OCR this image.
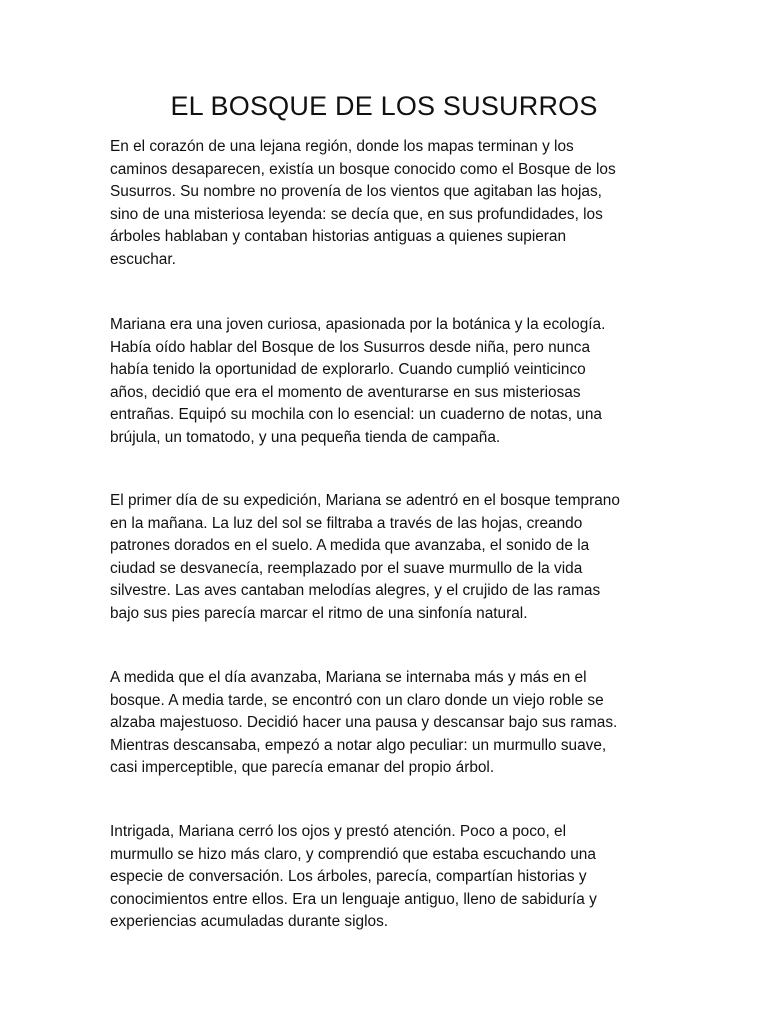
EL BOSQUE DE LOS SUSURROS

En el corazón de una lejana región, donde los mapas terminan y los
caminos desaparecen, existía un bosque conocido como el Bosque de los
Susurros. Su nombre no provenía de los vientos que agitaban las hojas,
sino de una misteriosa leyenda: se decía que, en sus profundidades, los
árboles hablaban y contaban historias antiguas a quienes supieran
escuchar.

Mariana era una joven curiosa, apasionada por la botánica y la ecología.
Había oído hablar del Bosque de los Susurros desde niña, pero nunca
había tenido la oportunidad de explorarlo. Cuando cumplió veinticinco
años, decidió que era el momento de aventurarse en sus misteriosas
entrañas. Equipó su mochila con lo esencial: un cuaderno de notas, una
brújula, un tomatodo, y una pequeña tienda de campaña.

El primer día de su expedición, Mariana se adentró en el bosque temprano
en la mañana. La luz del sol se filtraba a través de las hojas, creando
patrones dorados en el suelo. A medida que avanzaba, el sonido de la
ciudad se desvanecía, reemplazado por el suave murmullo de la vida
silvestre. Las aves cantaban melodías alegres, y el crujido de las ramas
bajo sus pies parecía marcar el ritmo de una sinfonía natural.

A medida que el día avanzaba, Mariana se internaba más y más en el
bosque. A media tarde, se encontró con un claro donde un viejo roble se
alzaba majestuoso. Decidió hacer una pausa y descansar bajo sus ramas.
Mientras descansaba, empezó a notar algo peculiar: un murmullo suave,
casi imperceptible, que parecía emanar del propio árbol.

Intrigada, Mariana cerró los ojos y prestó atención. Poco a poco, el
murmullo se hizo más claro, y comprendió que estaba escuchando una
especie de conversación. Los árboles, parecía, compartían historias y
conocimientos entre ellos. Era un lenguaje antiguo, lleno de sabiduría y
experiencias acumuladas durante siglos.
